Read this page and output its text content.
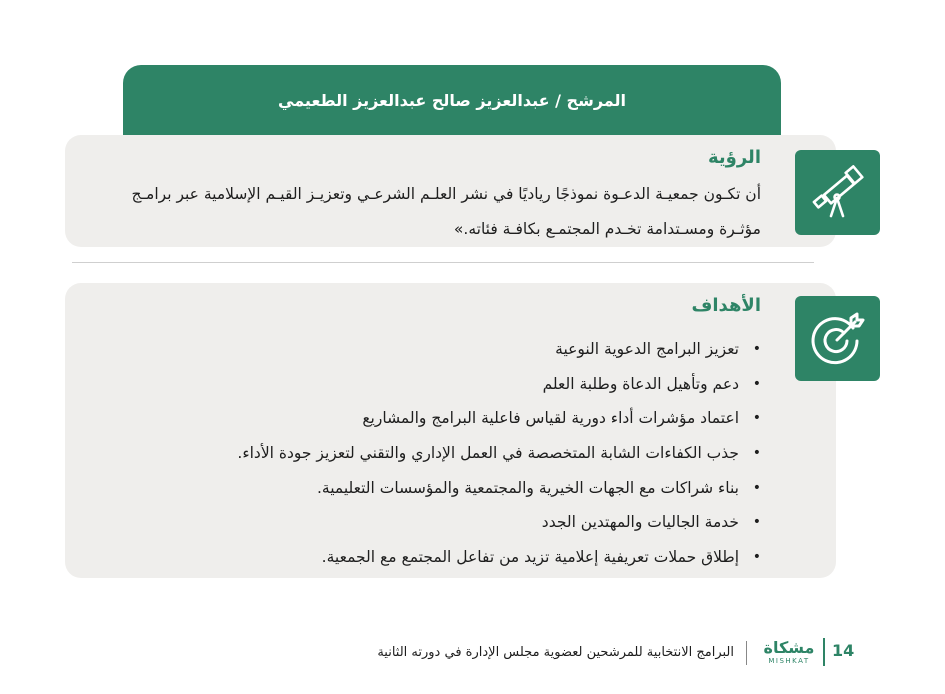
المرشح / عبدالعزيز صالح عبدالعزيز الطعيمي
الرؤية

أن تكـون جمعيـة الدعـوة نموذجًا رياديًا في نشر العلـم الشرعـي وتعزيـز القيـم الإسلامية عبر برامـج مؤثـرة ومسـتدامة تخـدم المجتمـع بكافـة فئاته.»

الأهداف
•
تعزيز البرامج الدعوية النوعية
•
دعم وتأهيل الدعاة وطلبة العلم
•
اعتماد مؤشرات أداء دورية لقياس فاعلية البرامج والمشاريع
•
جذب الكفاءات الشابة المتخصصة في العمل الإداري والتقني لتعزيز جودة الأداء.
•
بناء شراكات مع الجهات الخيرية والمجتمعية والمؤسسات التعليمية.
•
خدمة الجاليات والمهتدين الجدد
•
إطلاق حملات تعريفية إعلامية تزيد من تفاعل المجتمع مع الجمعية.
14
مشكاة
MISHKAT
البرامج الانتخابية للمرشحين لعضوية مجلس الإدارة في دورته الثانية
